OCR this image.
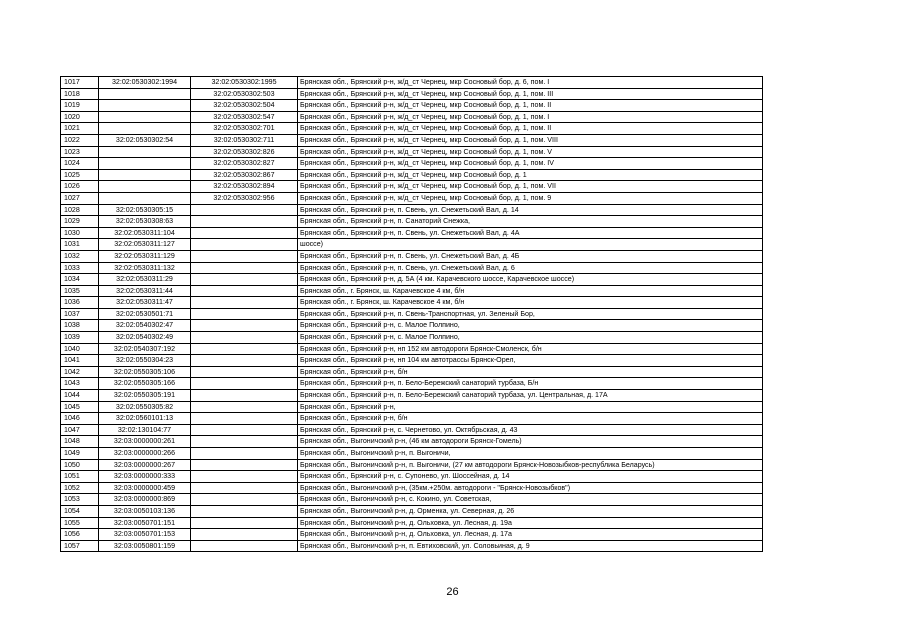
1017	32:02:0530302:1994	32:02:0530302:1995	Брянская обл., Брянский р-н, ж/д_ст Чернец, мкр Сосновый бор, д. 6, пом. I
1018		32:02:0530302:503	Брянская обл., Брянский р-н, ж/д_ст Чернец, мкр Сосновый бор, д. 1, пом. III
1019		32:02:0530302:504	Брянская обл., Брянский р-н, ж/д_ст Чернец, мкр Сосновый бор, д. 1, пом. II
1020		32:02:0530302:547	Брянская обл., Брянский р-н, ж/д_ст Чернец, мкр Сосновый бор, д. 1, пом. I
1021		32:02:0530302:701	Брянская обл., Брянский р-н, ж/д_ст Чернец, мкр Сосновый бор, д. 1, пом. II
1022	32:02:0530302:54	32:02:0530302:711	Брянская обл., Брянский р-н, ж/д_ст Чернец, мкр Сосновый бор, д. 1, пом. VIII
1023		32:02:0530302:826	Брянская обл., Брянский р-н, ж/д_ст Чернец, мкр Сосновый бор, д. 1, пом. V
1024		32:02:0530302:827	Брянская обл., Брянский р-н, ж/д_ст Чернец, мкр Сосновый бор, д. 1, пом. IV
1025		32:02:0530302:867	Брянская обл., Брянский р-н, ж/д_ст Чернец, мкр Сосновый бор, д. 1
1026		32:02:0530302:894	Брянская обл., Брянский р-н, ж/д_ст Чернец, мкр Сосновый бор, д. 1, пом. VII
1027		32:02:0530302:956	Брянская обл., Брянский р-н, ж/д_ст Чернец, мкр Сосновый бор, д. 1, пом. 9
1028	32:02:0530305:15		Брянская обл., Брянский р-н, п. Свень, ул. Снежетьский Вал, д. 14
1029	32:02:0530308:63		Брянская обл., Брянский р-н, п. Санаторий Снежка,
1030	32:02:0530311:104		Брянская обл., Брянский р-н, п. Свень, ул. Снежетьский Вал, д. 4А
1031	32:02:0530311:127		шоссе)
1032	32:02:0530311:129		Брянская обл., Брянский р-н, п. Свень, ул. Снежетьский Вал, д. 4Б
1033	32:02:0530311:132		Брянская обл., Брянский р-н, п. Свень, ул. Снежетьский Вал, д. 6
1034	32:02:0530311:29		Брянская обл., Брянский р-н, д. 5А (4 км. Карачевского шоссе, Карачевское шоссе)
1035	32:02:0530311:44		Брянская обл., г. Брянск, ш. Карачевское 4 км, б/н
1036	32:02:0530311:47		Брянская обл., г. Брянск, ш. Карачевское 4 км, б/н
1037	32:02:0530501:71		Брянская обл., Брянский р-н, п. Свень-Транспортная, ул. Зеленый Бор,
1038	32:02:0540302:47		Брянская обл., Брянский р-н, с. Малое Полпино,
1039	32:02:0540302:49		Брянская обл., Брянский р-н, с. Малое Полпино,
1040	32:02:0540307:192		Брянская обл., Брянский р-н, нп 152 км автодороги Брянск-Смоленск, б/н
1041	32:02:0550304:23		Брянская обл., Брянский р-н, нп 104 км автотрассы Брянск-Орел,
1042	32:02:0550305:106		Брянская обл., Брянский р-н, б/н
1043	32:02:0550305:166		Брянская обл., Брянский р-н, п. Бело-Бережский санаторий турбаза, Б/н
1044	32:02:0550305:191		Брянская обл., Брянский р-н, п. Бело-Бережский санаторий турбаза, ул. Центральная, д. 17А
1045	32:02:0550305:82		Брянская обл., Брянский р-н,
1046	32:02:0560101:13		Брянская обл., Брянский р-н, б/н
1047	32:02:130104:77		Брянская обл., Брянский р-н, с. Чернетово, ул. Октябрьская, д. 43
1048	32:03:0000000:261		Брянская обл., Выгоничский р-н, (46 км автодороги Брянск-Гомель)
1049	32:03:0000000:266		Брянская обл., Выгоничский р-н, п. Выгоничи,
1050	32:03:0000000:267		Брянская обл., Выгоничский р-н, п. Выгоничи, (27 км автодороги Брянск-Новозыбков-республика Беларусь)
1051	32:03:0000000:333		Брянская обл., Брянский р-н, с. Супонево, ул. Шоссейная, д. 14
1052	32:03:0000000:459		Брянская обл., Выгоничский р-н, (35км.+250м. автодороги - "Брянск-Новозыбков")
1053	32:03:0000000:869		Брянская обл., Выгоничский р-н, с. Кокино, ул. Советская,
1054	32:03:0050103:136		Брянская обл., Выгоничский р-н, д. Орменка, ул. Северная, д. 26
1055	32:03:0050701:151		Брянская обл., Выгоничский р-н, д. Ольховка, ул. Лесная, д. 19а
1056	32:03:0050701:153		Брянская обл., Выгоничский р-н, д. Ольховка, ул. Лесная, д. 17а
1057	32:03:0050801:159		Брянская обл., Выгоничский р-н, п. Евтиховский, ул. Соловьиная, д. 9
26
